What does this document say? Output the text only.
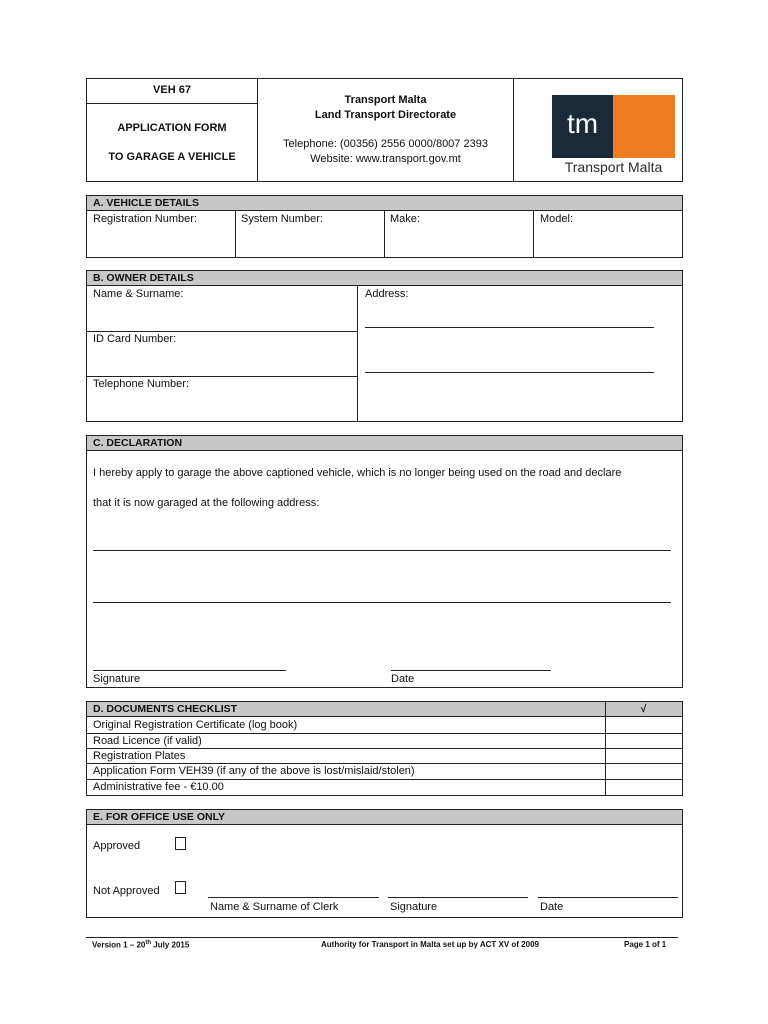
VEH 67
APPLICATION FORM
TO GARAGE A VEHICLE
Transport Malta
Land Transport Directorate
Telephone: (00356) 2556 0000/8007 2393
Website: www.transport.gov.mt
tm
Transport Malta
A. VEHICLE DETAILS
Registration Number:	System Number:	Make:	Model:
B. OWNER DETAILS
Name & Surname:
ID Card Number:
Telephone Number:
Address:
C. DECLARATION
I hereby apply to garage the above captioned vehicle, which is no longer being used on the road and declare
that it is now garaged at the following address:
Signature	Date
D. DOCUMENTS CHECKLIST	√
Original Registration Certificate (log book)
Road Licence (if valid)
Registration Plates
Application Form VEH39 (if any of the above is lost/mislaid/stolen)
Administrative fee - €10.00
E. FOR OFFICE USE ONLY
Approved
Not Approved
Name & Surname of Clerk	Signature	Date
Version 1 – 20th July 2015	Authority for Transport in Malta set up by ACT XV of 2009	Page 1 of 1
